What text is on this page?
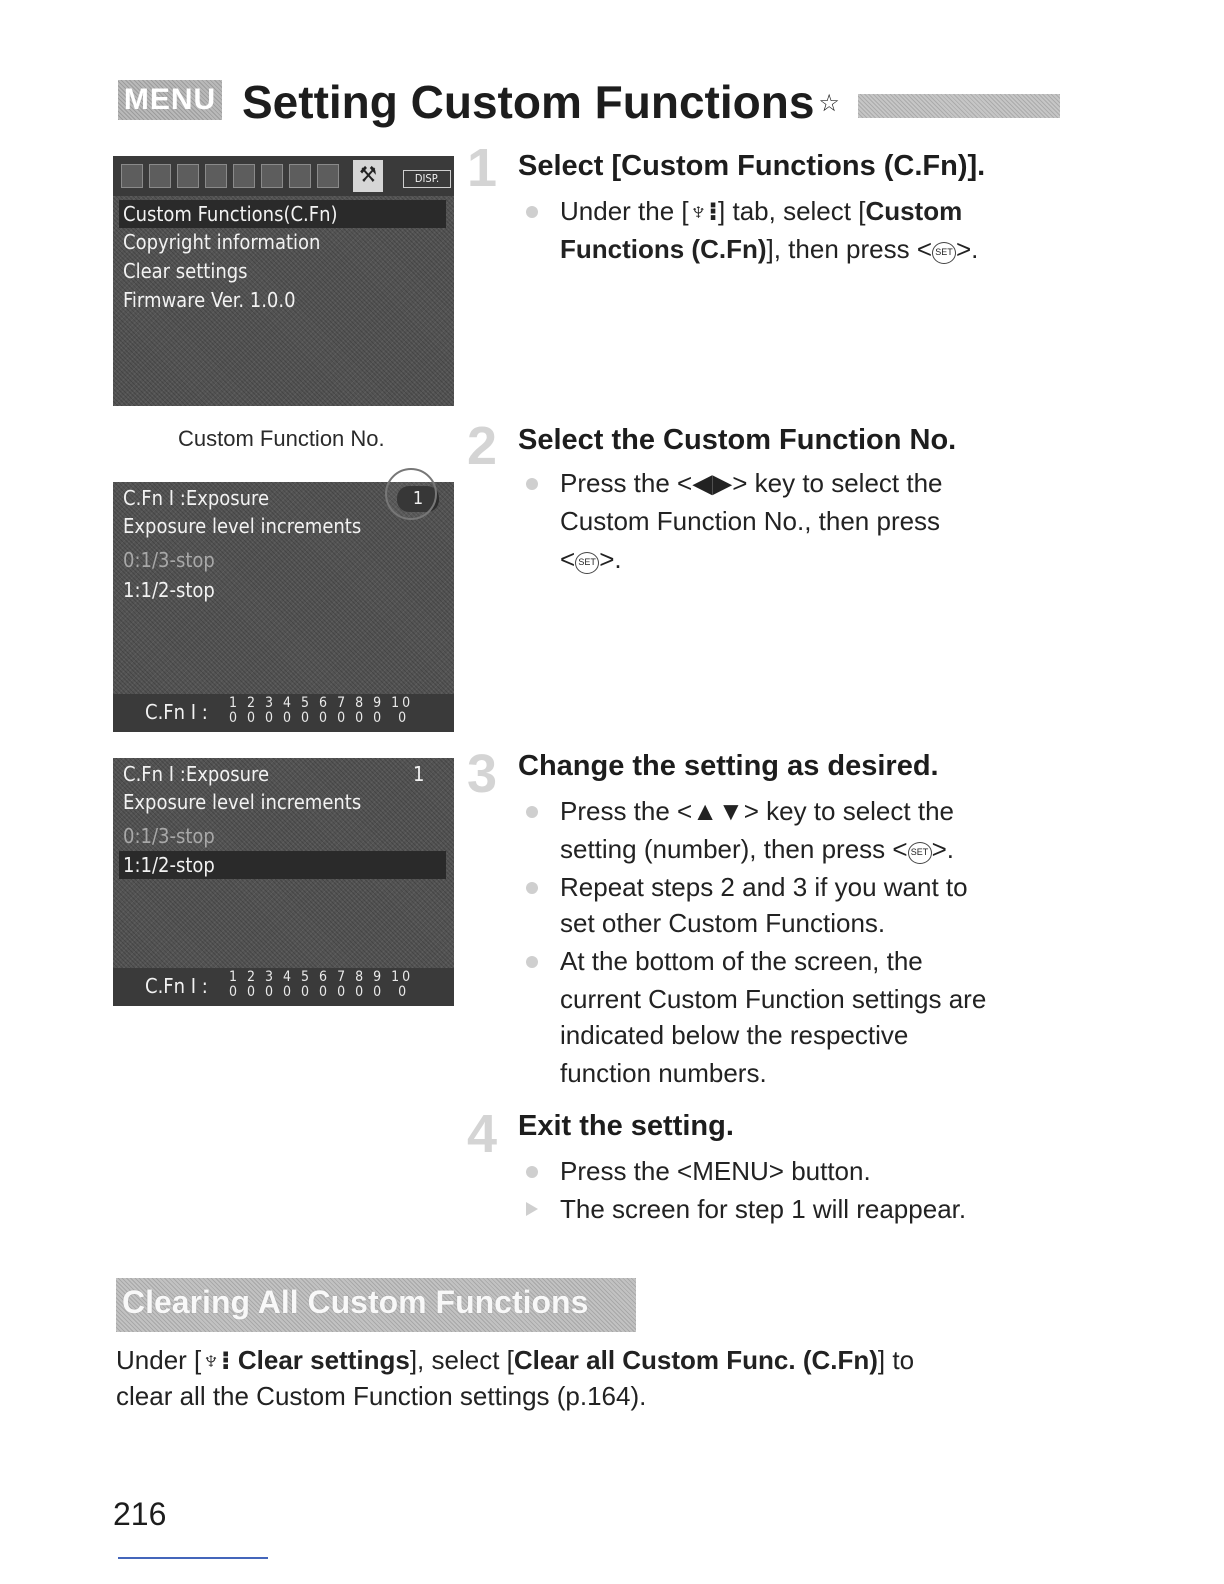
MENU Setting Custom Functions ☆
⚒	DISP.
Custom Functions(C.Fn)
Copyright information
Clear settings
Firmware Ver. 1.0.0
Custom Function No.
C.Fn I :Exposure
Exposure level increments
0:1/3-stop
1:1/2-stop
1
C.Fn I : 1 2 3 4 5 6 7 8 9 10
0 0 0 0 0 0 0 0 0  0
C.Fn I :Exposure
Exposure level increments
0:1/3-stop
1:1/2-stop
1
C.Fn I : 1 2 3 4 5 6 7 8 9 10
0 0 0 0 0 0 0 0 0  0
1 Select [Custom Functions (C.Fn)].
Under the [♆⁝] tab, select [Custom
Functions (C.Fn)], then press < SET >.
2 Select the Custom Function No.
Press the <◀▶> key to select the
Custom Function No., then press
< SET >.
3 Change the setting as desired.
Press the <▲▼> key to select the
setting (number), then press < SET >.
Repeat steps 2 and 3 if you want to
set other Custom Functions.
At the bottom of the screen, the
current Custom Function settings are
indicated below the respective
function numbers.
4 Exit the setting.
Press the <MENU> button.
The screen for step 1 will reappear.
Clearing All Custom Functions
Under [♆⁝ Clear settings], select [Clear all Custom Func. (C.Fn)] to
clear all the Custom Function settings (p.164).
216
